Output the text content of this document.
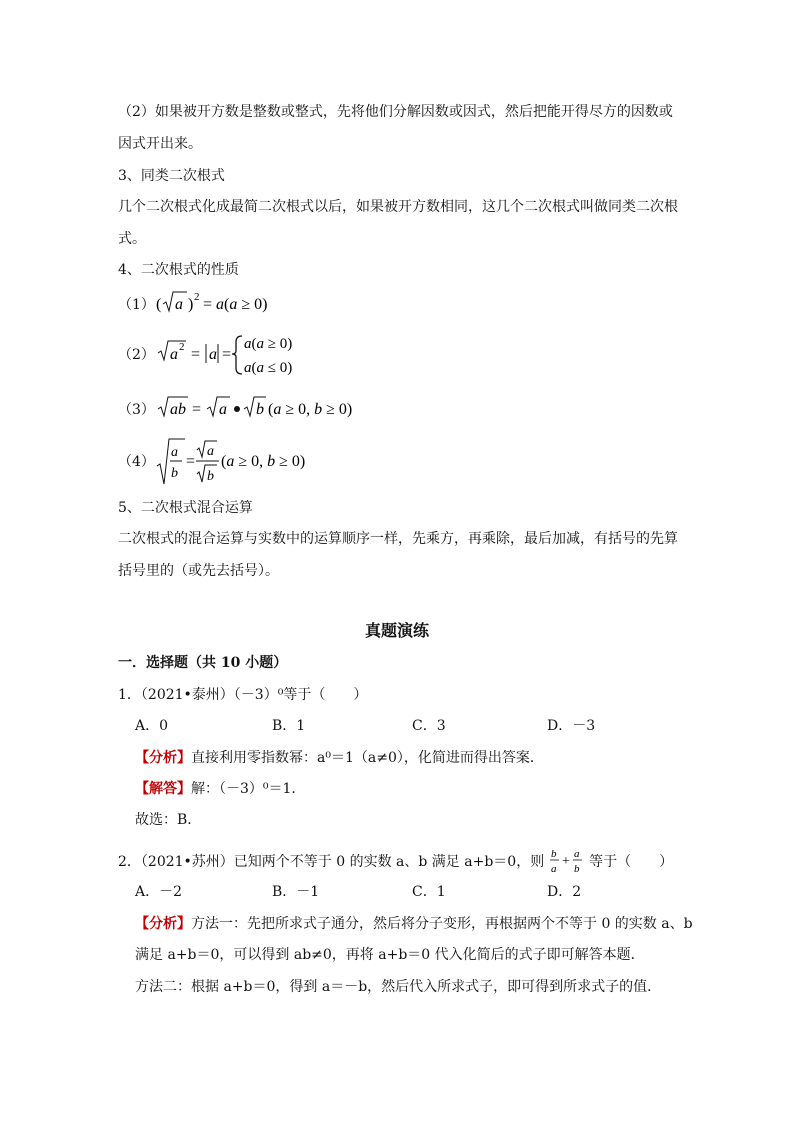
（2）如果被开方数是整数或整式，先将他们分解因数或因式，然后把能开得尽方的因数或
因式开出来。
3、同类二次根式
几个二次根式化成最简二次根式以后，如果被开方数相同，这几个二次根式叫做同类二次根
式。
4、二次根式的性质
（1） ( a ) 2 = a(a ≥ 0)
（2） a 2 = a =
a(a ≥ 0)
a(a ≤ 0)
（3） ab = a b (a ≥ 0, b ≥ 0)
（4）
a
b
=
a
b
(a ≥ 0, b ≥ 0)
5、二次根式混合运算
二次根式的混合运算与实数中的运算顺序一样，先乘方，再乘除，最后加减，有括号的先算
括号里的（或先去括号）。
真题演练
一．选择题（共 10 小题）
1．（2021•泰州）（－3）⁰等于（　　）
A．0	B．1	C．3	D．－3
【分析】直接利用零指数幂：a⁰＝1（a≠0），化简进而得出答案．
【解答】解：（－3）⁰＝1．
故选：B．
2．（2021•苏州）已知两个不等于 0 的实数 a、b 满足 a+b＝0，则 b
a + a
b 等于（　　）
A．－2	B．－1	C．1	D．2
【分析】方法一：先把所求式子通分，然后将分子变形，再根据两个不等于 0 的实数 a、b
满足 a+b＝0，可以得到 ab≠0，再将 a+b＝0 代入化简后的式子即可解答本题．
方法二：根据 a+b＝0，得到 a＝－b，然后代入所求式子，即可得到所求式子的值．
